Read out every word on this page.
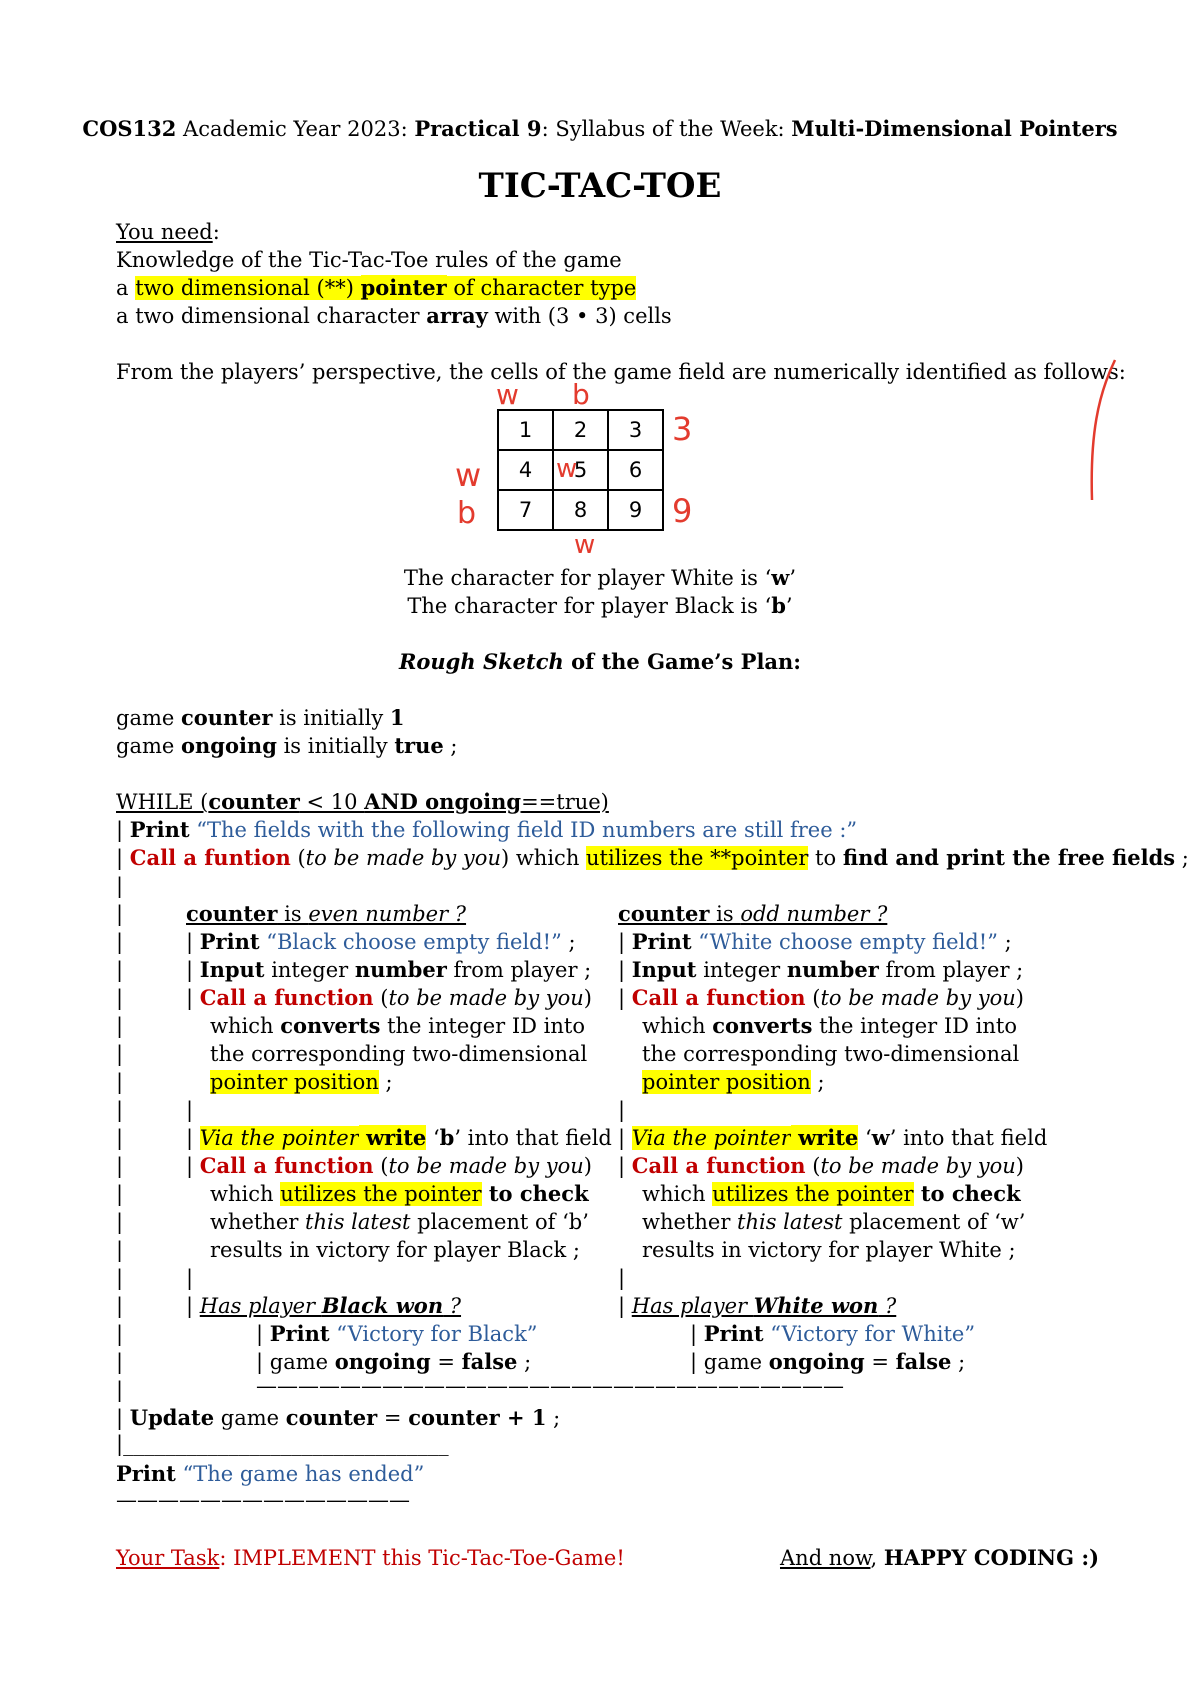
COS132 Academic Year 2023: Practical 9: Syllabus of the Week: Multi-Dimensional Pointers
TIC-TAC-TOE
You need:
Knowledge of the Tic-Tac-Toe rules of the game
a two dimensional (**) pointer of character type
a two dimensional character array with (3 • 3) cells
From the players’ perspective, the cells of the game field are numerically identified as follows:
1	2	3
4	5	6
7	8	9
w b
3
w	w
b	9
w
The character for player White is ‘w’
The character for player Black is ‘b’
Rough Sketch of the Game’s Plan:
game counter is initially 1
game ongoing is initially true ;
WHILE (counter < 10 AND ongoing==true)
| Print “The fields with the following field ID numbers are still free :”
| Call a funtion (to be made by you) which utilizes the **pointer to find and print the free fields ;
|
|
|
|
|
|
|
|
|
|
|
|
|
|
|
|
|
|
|
counter is even number ?
| Print “Black choose empty field!” ;
| Input integer number from player ;
| Call a function (to be made by you)
which converts the integer ID into
the corresponding two-dimensional
pointer position ;
|
| Via the pointer write ‘b’ into that field
| Call a function (to be made by you)
which utilizes the pointer to check
whether this latest placement of ‘b’
results in victory for player Black ;
|
| Has player Black won ?
| Print “Victory for Black”
| game ongoing = false ;
counter is odd number ?
| Print “White choose empty field!” ;
| Input integer number from player ;
| Call a function (to be made by you)
which converts the integer ID into
the corresponding two-dimensional
pointer position ;
|
| Via the pointer write ‘w’ into that field
| Call a function (to be made by you)
which utilizes the pointer to check
whether this latest placement of ‘w’
results in victory for player White ;
|
| Has player White won ?
| Print “Victory for White”
| game ongoing = false ;
————————————————————————————
| Update game counter = counter + 1 ;
|_______________________________
Print “The game has ended”
——————————————
Your Task: IMPLEMENT this Tic-Tac-Toe-Game!	And now, HAPPY CODING :)
